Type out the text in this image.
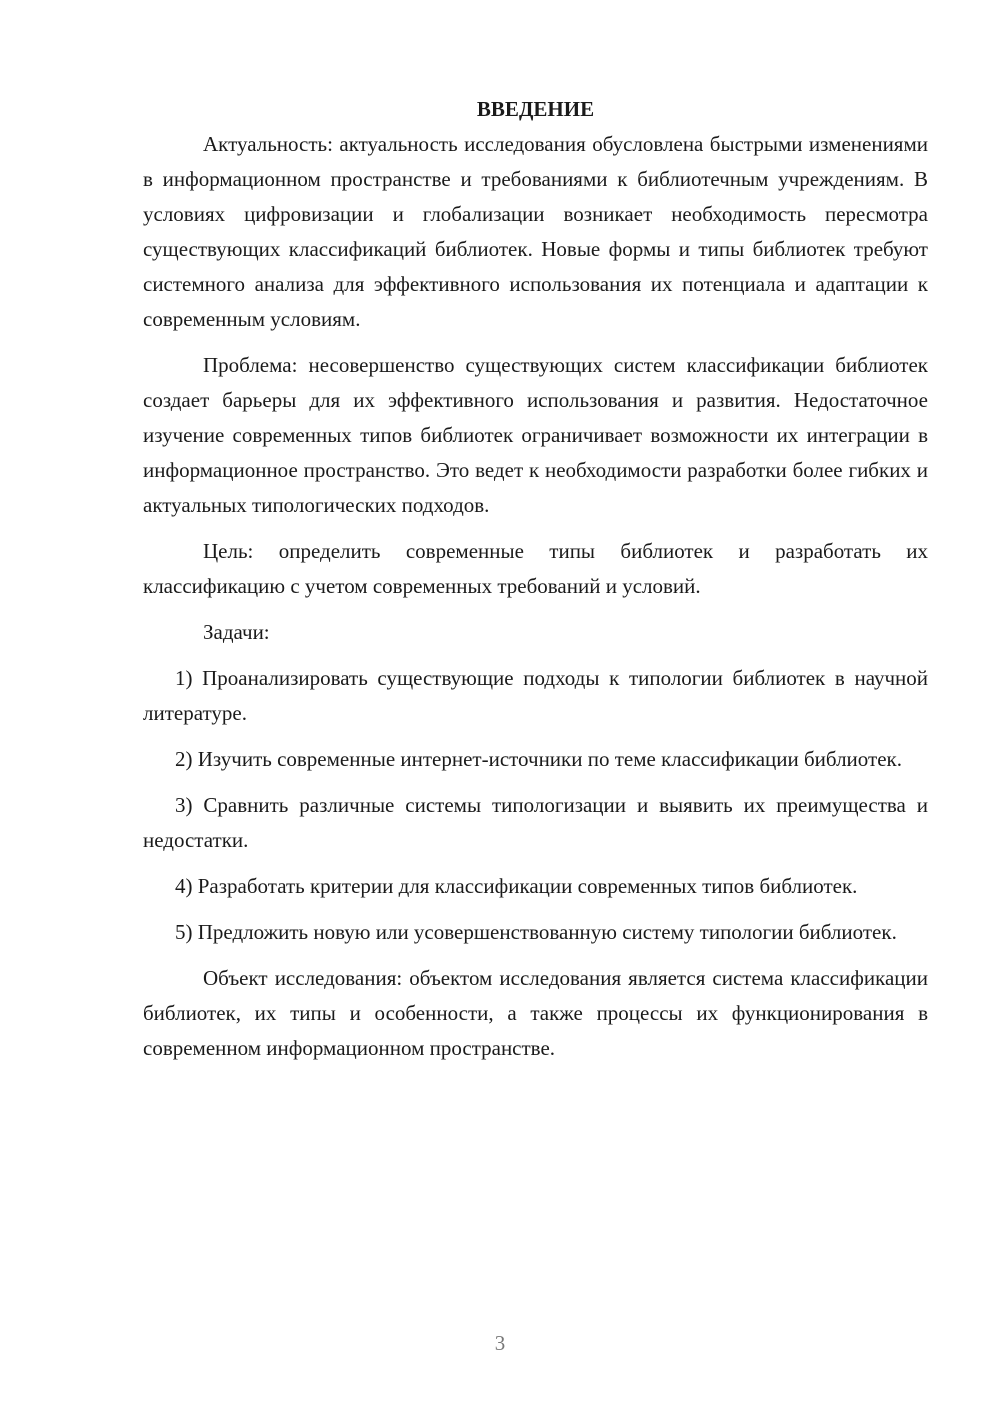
ВВЕДЕНИЕ

Актуальность: актуальность исследования обусловлена быстрыми изменениями в информационном пространстве и требованиями к библиотечным учреждениям. В условиях цифровизации и глобализации возникает необходимость пересмотра существующих классификаций библиотек. Новые формы и типы библиотек требуют системного анализа для эффективного использования их потенциала и адаптации к современным условиям.

Проблема: несовершенство существующих систем классификации библиотек создает барьеры для их эффективного использования и развития. Недостаточное изучение современных типов библиотек ограничивает возможности их интеграции в информационное пространство. Это ведет к необходимости разработки более гибких и актуальных типологических подходов.

Цель: определить современные типы библиотек и разработать их классификацию с учетом современных требований и условий.

Задачи:

1) Проанализировать существующие подходы к типологии библиотек в научной литературе.

2) Изучить современные интернет-источники по теме классификации библиотек.

3) Сравнить различные системы типологизации и выявить их преимущества и недостатки.

4) Разработать критерии для классификации современных типов библиотек.

5) Предложить новую или усовершенствованную систему типологии библиотек.

Объект исследования: объектом исследования является система классификации библиотек, их типы и особенности, а также процессы их функционирования в современном информационном пространстве.

3
